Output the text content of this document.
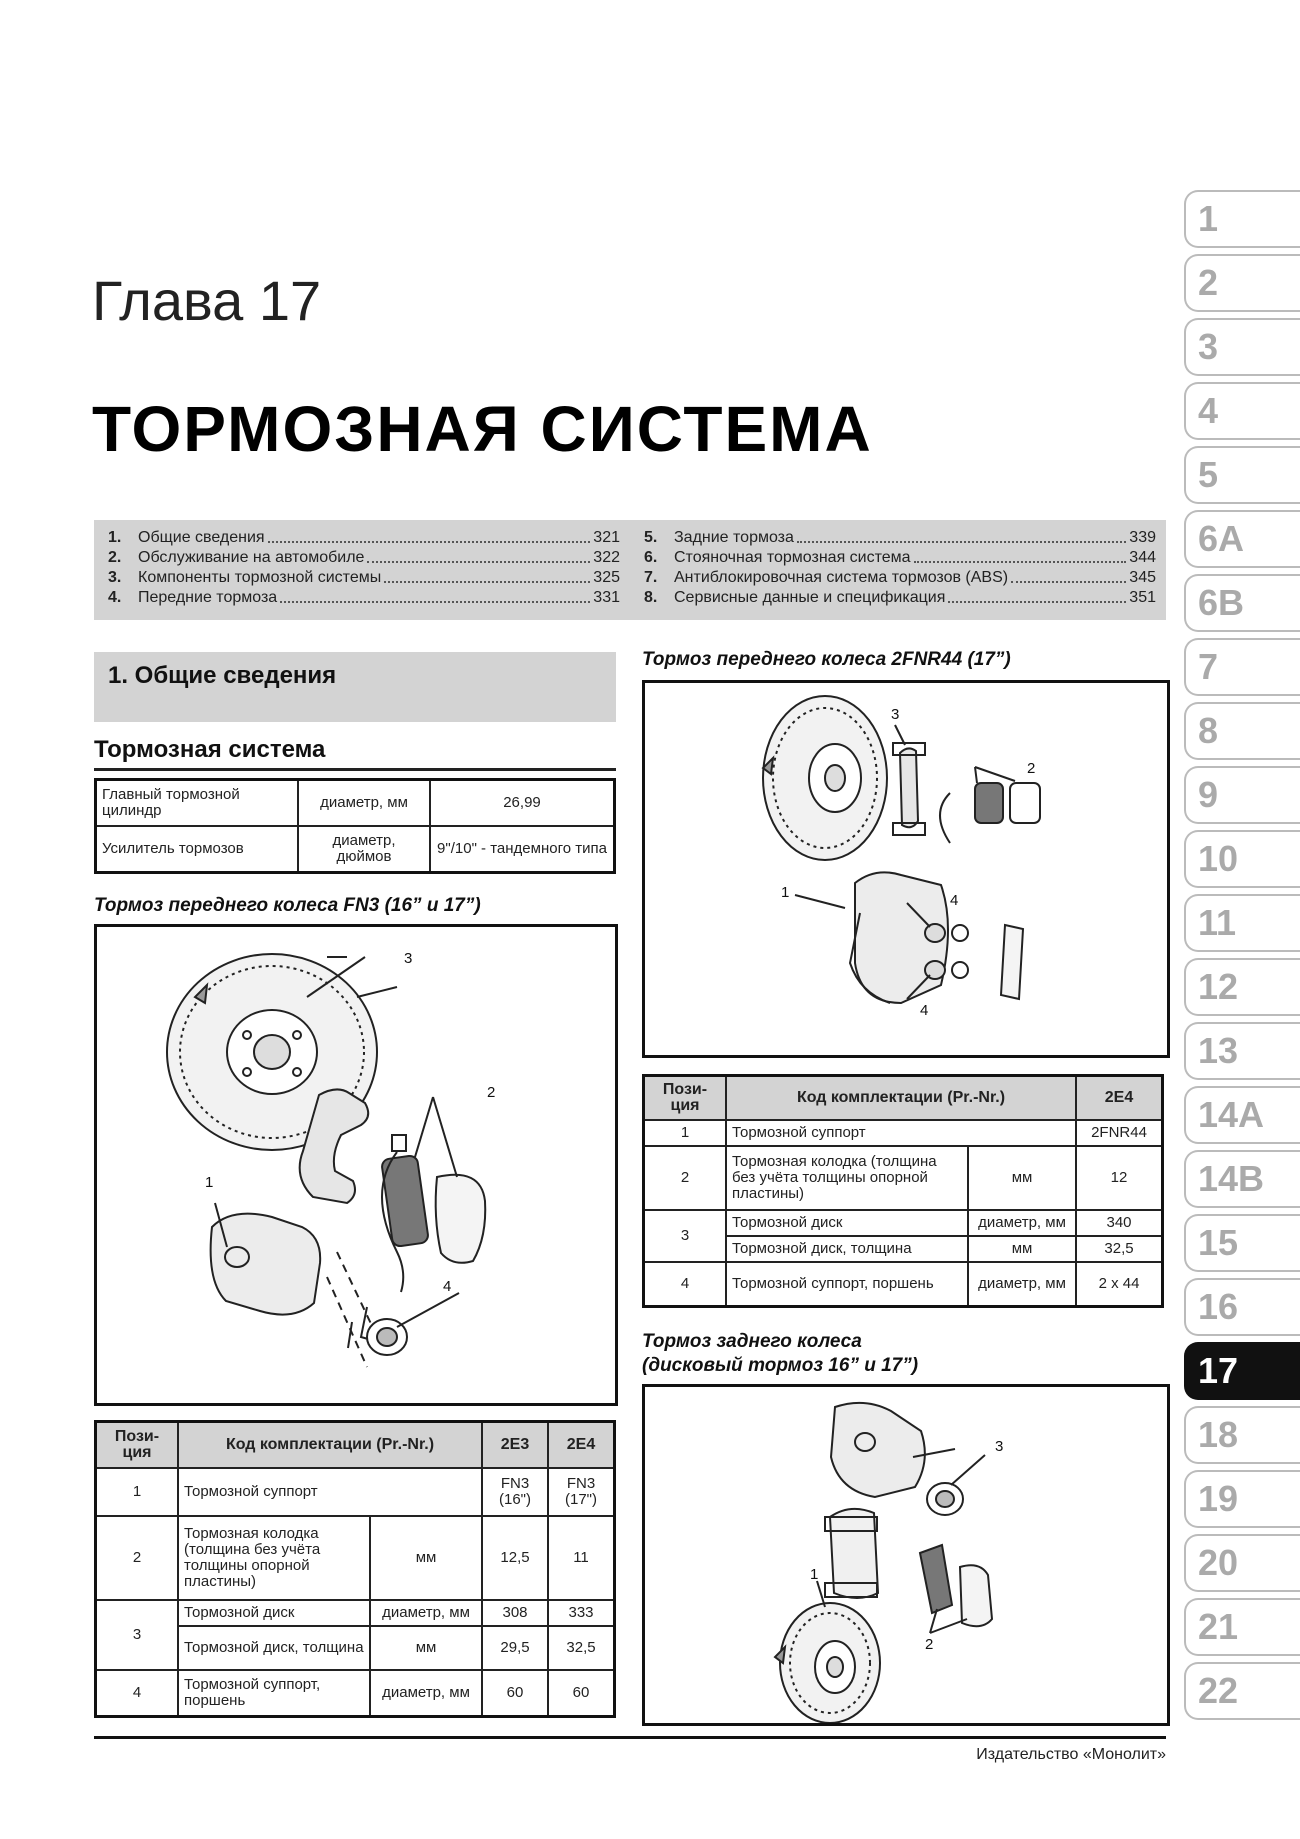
Глава 17
ТОРМОЗНАЯ СИСТЕМА
1.	Общие сведения	321
2.	Обслуживание на автомобиле	322
3.	Компоненты тормозной системы	325
4.	Передние тормоза	331
5.	Задние тормоза	339
6.	Стояночная тормозная система	344
7.	Антиблокировочная система тормозов (ABS)	345
8.	Сервисные данные и спецификация	351
1. Общие сведения
Тормозная система
Главный тормозной цилиндр	диаметр, мм	26,99
Усилитель тормозов	диаметр, дюймов	9"/10" - тандемного типа
Тормоз переднего колеса FN3 (16” и 17”)
3
2
1
4
Пози-ция	Код комплектации (Pr.-Nr.)		2E3	2E4
1	Тормозной суппорт		FN3 (16")	FN3 (17")
2	Тормозная колодка (толщина без учёта толщины опорной пластины)	мм	12,5	11
3	Тормозной диск	диаметр, мм	308	333
	Тормозной диск, толщина	мм	29,5	32,5
4	Тормозной суппорт, поршень	диаметр, мм	60	60
Тормоз переднего колеса 2FNR44 (17”)
3
2
1	4
4
Пози-ция	Код комплектации (Pr.-Nr.)		2E4
1	Тормозной суппорт		2FNR44
2	Тормозная колодка (толщина без учёта толщины опорной пластины)	мм	12
3	Тормозной диск	диаметр, мм	340
	Тормозной диск, толщина	мм	32,5
4	Тормозной суппорт, поршень	диаметр, мм	2 x 44
Тормоз заднего колеса
(дисковый тормоз 16” и 17”)
3
2
1
1
2
3
4
5
6A
6B
7
8
9
10
11
12
13
14A
14B
15
16
17
18
19
20
21
22
Издательство «Монолит»
